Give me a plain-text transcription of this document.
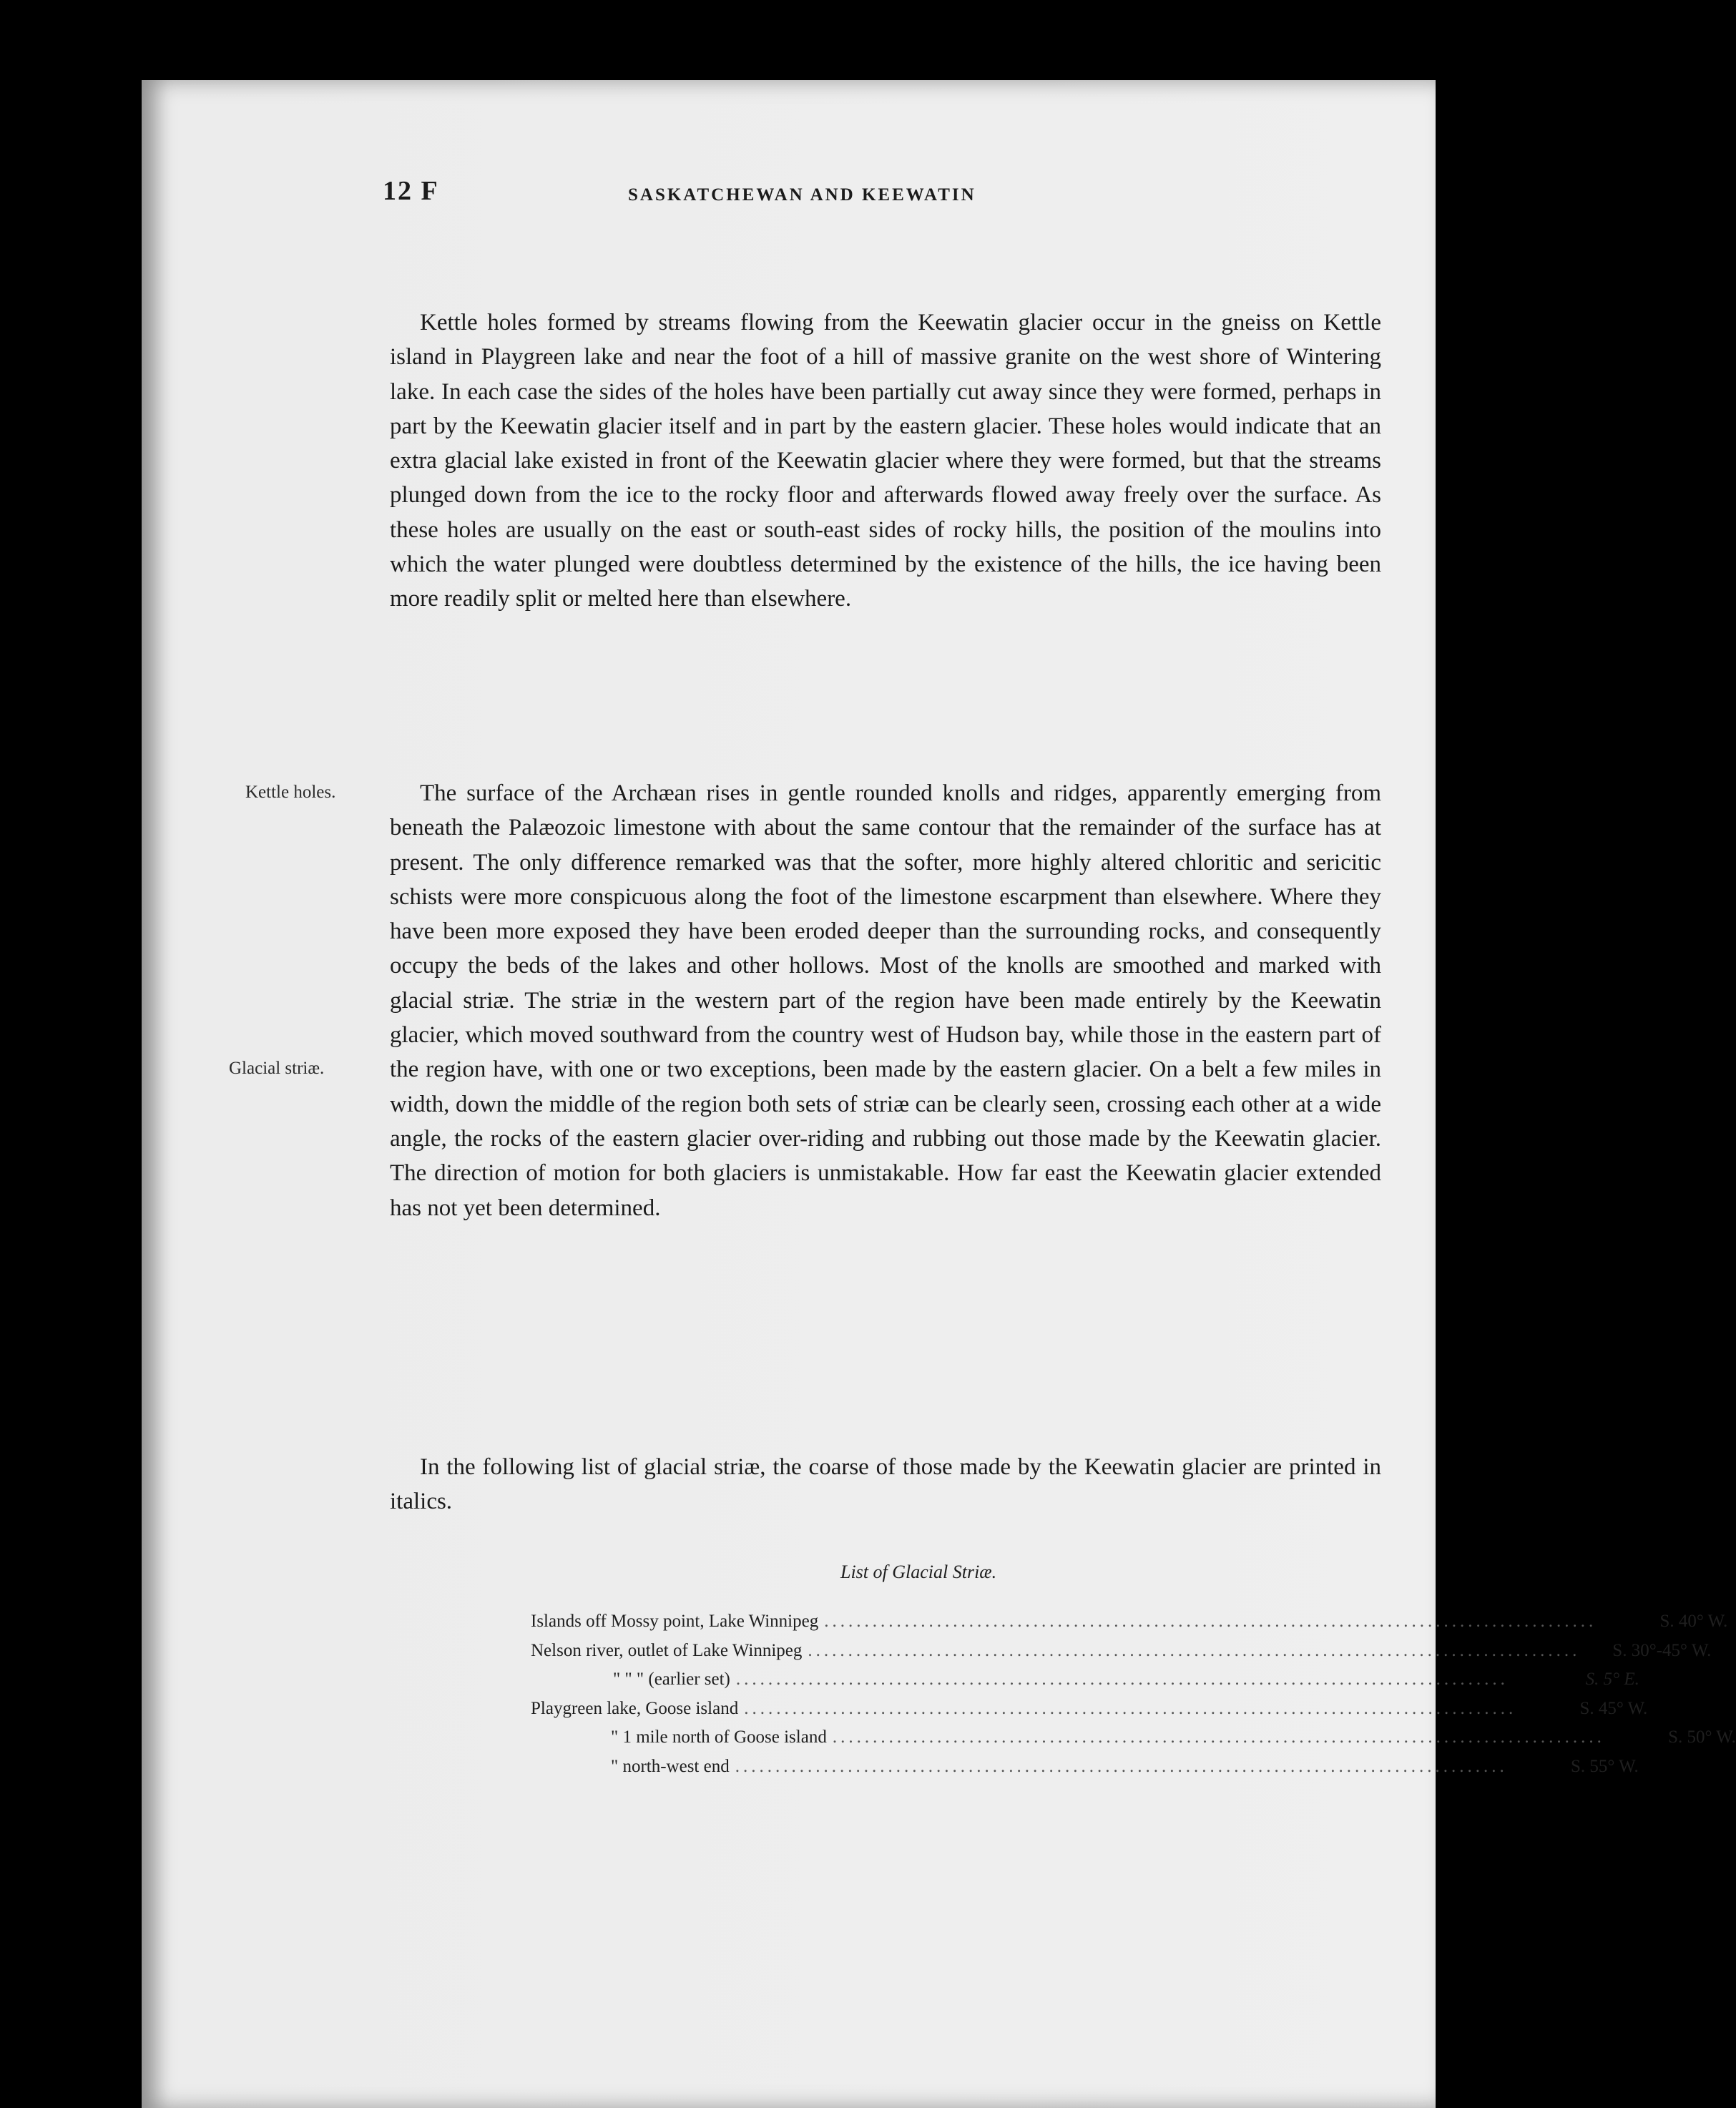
12 F	SASKATCHEWAN AND KEEWATIN

Kettle holes formed by streams flowing from the Keewatin glacier occur in the gneiss on Kettle island in Playgreen lake and near the foot of a hill of massive granite on the west shore of Wintering lake. In each case the sides of the holes have been partially cut away since they were formed, perhaps in part by the Keewatin glacier itself and in part by the eastern glacier. These holes would indicate that an extra glacial lake existed in front of the Keewatin glacier where they were formed, but that the streams plunged down from the ice to the rocky floor and afterwards flowed away freely over the surface. As these holes are usually on the east or south-east sides of rocky hills, the position of the moulins into which the water plunged were doubtless determined by the existence of the hills, the ice having been more readily split or melted here than elsewhere.

Kettle holes.	The surface of the Archæan rises in gentle rounded knolls and ridges, apparently emerging from beneath the Palæozoic limestone with about the same contour that the remainder of the surface has at present. The only difference remarked was that the softer, more highly altered chloritic and sericitic schists were more conspicuous along the foot of the limestone escarpment than elsewhere. Where they have been more exposed they have been eroded deeper than the surrounding rocks, and consequently occupy the beds of the lakes and other hollows. Most of the knolls are smoothed and marked with glacial striæ. The striæ in the western part of the region have been made entirely by the Keewatin glacier, which moved southward from the country west of Hudson bay, while those in the eastern part of the region have, with one or two exceptions, been made by the eastern glacier. On a belt a few miles in width, down the middle of the region both sets of striæ can be clearly seen, crossing each other at a wide angle, the rocks of the eastern glacier over-riding and rubbing out those made by the Keewatin glacier. The direction of motion for both glaciers is unmistakable. How far east the Keewatin glacier extended has not yet been determined.

Glacial striæ.

In the following list of glacial striæ, the coarse of those made by the Keewatin glacier are printed in italics.

List of Glacial Striæ.
Islands off Mossy point, Lake Winnipeg ................................................................................................	S. 40° W.
Nelson river, outlet of Lake Winnipeg ................................................................................................	S. 30°-45° W.
" " " (earlier set) ................................................................................................	S. 5° E.
Playgreen lake, Goose island ................................................................................................	S. 45° W.
" 1 mile north of Goose island ................................................................................................	S. 50° W.
" north-west end ................................................................................................	S. 55° W.
